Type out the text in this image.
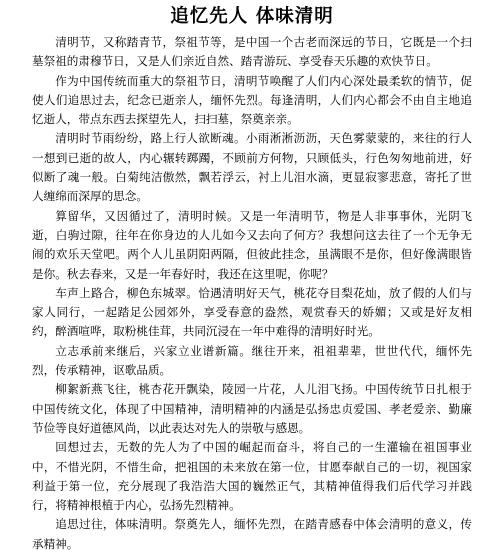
追忆先人 体味清明

清明节，又称踏青节，祭祖节等，是中国一个古老而深远的节日，它既是一个扫墓祭祖的肃穆节日，又是人们亲近自然、踏青游玩、享受春天乐趣的欢快节日。

作为中国传统而重大的祭祖节日，清明节唤醒了人们内心深处最柔软的情节，促使人们追思过去，纪念已逝亲人，缅怀先烈。每逢清明，人们内心都会不由自主地追忆逝人，带点东西去探望先人，扫扫墓，祭奠亲亲。

清明时节雨纷纷，路上行人欲断魂。小雨淅淅沥沥，天色雾蒙蒙的，来往的行人一想到已逝的故人，内心辗转踯躅，不顾前方何物，只顾低头，行色匆匆地前进，好似断了魂一般。白菊纯洁傲然，飘若浮云，衬上儿泪水滴，更显寂寥悲意，寄托了世人缠绵而深厚的思念。

算留华，又因循过了，清明时候。又是一年清明节，物是人非事事休，光阴飞逝，白驹过隙，往年在你身边的人儿如今又去向了何方？我想问这去往了一个无争无闹的欢乐天堂吧。两个人儿虽阴阳两隔，但彼此挂念，虽满眼不是你，但好像满眼皆是你。秋去春来，又是一年春好时，我还在这里呢，你呢？

车声上路合，柳色东城翠。恰遇清明好天气，桃花夺目梨花灿，放了假的人们与家人同行，一起踏足公园郊外，享受春意的盎然，观赏春天的娇媚；又或是好友相约，醉酒喧哗，取粉桃佳茸，共同沉浸在一年中难得的清明好时光。

立志承前来继后，兴家立业谱新篇。继往开来，祖祖辈辈，世世代代，缅怀先烈，传承精神，讴歌品质。

柳絮新燕飞往，桃杏花开飘染，陵园一片花，人儿泪飞扬。中国传统节日扎根于中国传统文化，体现了中国精神，清明精神的内涵是弘扬忠贞爱国、孝老爱亲、勤廉节俭等良好道德风尚，以此表达对先人的崇敬与感恩。

回想过去，无数的先人为了中国的崛起而奋斗，将自己的一生灌输在祖国事业中，不惜光阴，不惜生命，把祖国的未来放在第一位，甘愿奉献自己的一切，视国家利益于第一位，充分展现了我浩浩大国的巍然正气，其精神值得我们后代学习并践行，将精神根植于内心，弘扬先烈精神。

追思过往，体味清明。祭奠先人，缅怀先烈，在踏青感春中体会清明的意义，传承精神。
